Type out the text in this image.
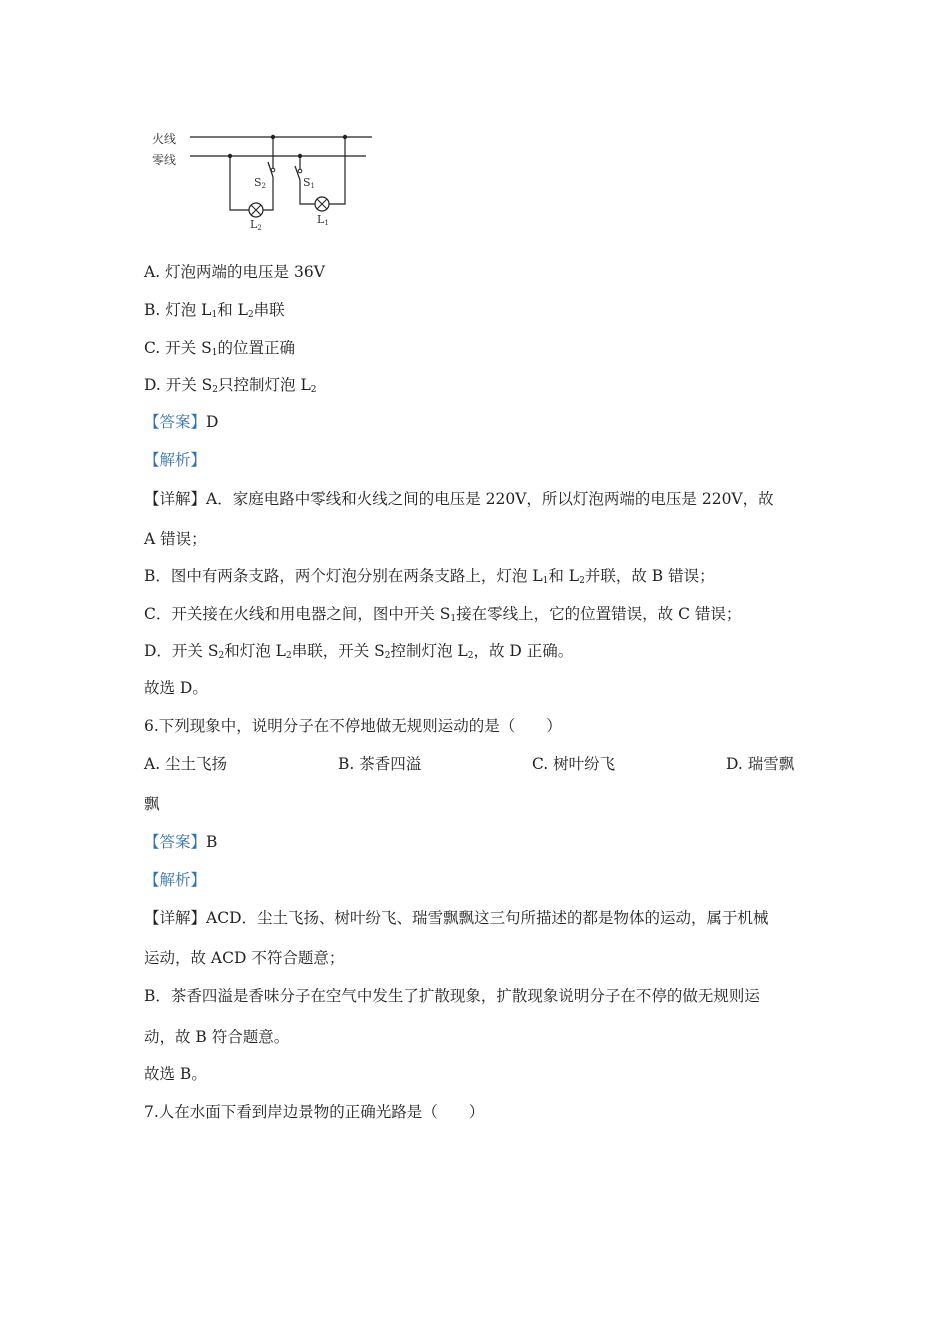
火线
零线
S2
L2
S1
L1
A. 灯泡两端的电压是 36V
B. 灯泡 $L_1$和 $L_2$串联
C. 开关 $S_1$的位置正确
D. 开关 $S_2$只控制灯泡 $L_2$
【答案】D
【解析】
【详解】A．家庭电路中零线和火线之间的电压是 220V，所以灯泡两端的电压是 220V，故
A 错误；
B．图中有两条支路，两个灯泡分别在两条支路上，灯泡 $L_1$和 $L_2$并联，故 B 错误；
C．开关接在火线和用电器之间，图中开关 $S_1$接在零线上，它的位置错误，故 C 错误；
D．开关 $S_2$和灯泡 $L_2$串联，开关 $S_2$控制灯泡 $L_2$，故 D 正确。
故选 D。
6.下列现象中，说明分子在不停地做无规则运动的是（　　）
A. 尘土飞扬	B. 茶香四溢	C. 树叶纷飞	D. 瑞雪飘
飘
【答案】B
【解析】
【详解】ACD．尘土飞扬、树叶纷飞、瑞雪飘飘这三句所描述的都是物体的运动，属于机械
运动，故 ACD 不符合题意；
B．茶香四溢是香味分子在空气中发生了扩散现象，扩散现象说明分子在不停的做无规则运
动，故 B 符合题意。
故选 B。
7.人在水面下看到岸边景物的正确光路是（　　）
